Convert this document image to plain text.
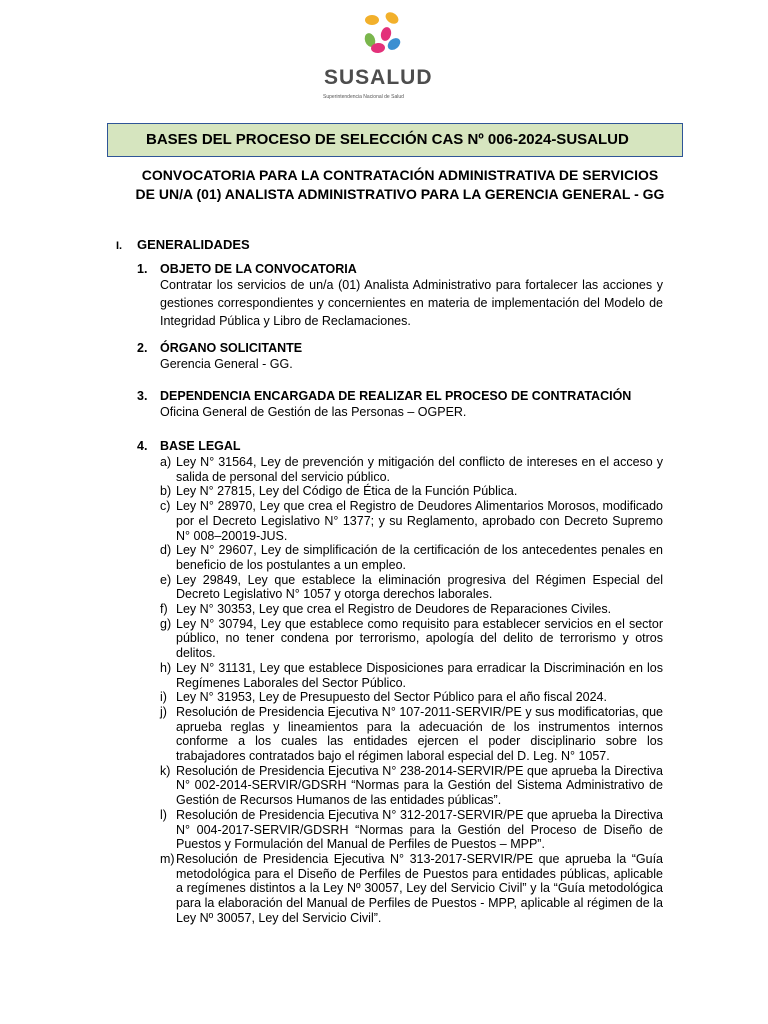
SUSALUD
Superintendencia Nacional de Salud
BASES DEL PROCESO DE SELECCIÓN CAS Nº 006-2024-SUSALUD
CONVOCATORIA PARA LA CONTRATACIÓN ADMINISTRATIVA DE SERVICIOS
DE UN/A (01) ANALISTA ADMINISTRATIVO PARA LA GERENCIA GENERAL - GG
I. GENERALIDADES
1. OBJETO DE LA CONVOCATORIA
Contratar los servicios de un/a (01) Analista Administrativo para fortalecer las acciones y gestiones correspondientes y concernientes en materia de implementación del Modelo de Integridad Pública y Libro de Reclamaciones.
2. ÓRGANO SOLICITANTE
Gerencia General - GG.
3. DEPENDENCIA ENCARGADA DE REALIZAR EL PROCESO DE CONTRATACIÓN
Oficina General de Gestión de las Personas – OGPER.
4. BASE LEGAL
a) Ley N° 31564, Ley de prevención y mitigación del conflicto de intereses en el acceso y salida de personal del servicio público.
b) Ley N° 27815, Ley del Código de Ética de la Función Pública.
c) Ley N° 28970, Ley que crea el Registro de Deudores Alimentarios Morosos, modificado por el Decreto Legislativo N° 1377; y su Reglamento, aprobado con Decreto Supremo N° 008–20019-JUS.
d) Ley N° 29607, Ley de simplificación de la certificación de los antecedentes penales en beneficio de los postulantes a un empleo.
e) Ley 29849, Ley que establece la eliminación progresiva del Régimen Especial del Decreto Legislativo N° 1057 y otorga derechos laborales.
f) Ley N° 30353, Ley que crea el Registro de Deudores de Reparaciones Civiles.
g) Ley N° 30794, Ley que establece como requisito para establecer servicios en el sector público, no tener condena por terrorismo, apología del delito de terrorismo y otros delitos.
h) Ley N° 31131, Ley que establece Disposiciones para erradicar la Discriminación en los Regímenes Laborales del Sector Público.
i) Ley N° 31953, Ley de Presupuesto del Sector Público para el año fiscal 2024.
j) Resolución de Presidencia Ejecutiva N° 107-2011-SERVIR/PE y sus modificatorias, que aprueba reglas y lineamientos para la adecuación de los instrumentos internos conforme a los cuales las entidades ejercen el poder disciplinario sobre los trabajadores contratados bajo el régimen laboral especial del D. Leg. N° 1057.
k) Resolución de Presidencia Ejecutiva N° 238-2014-SERVIR/PE que aprueba la Directiva N° 002-2014-SERVIR/GDSRH “Normas para la Gestión del Sistema Administrativo de Gestión de Recursos Humanos de las entidades públicas”.
l) Resolución de Presidencia Ejecutiva N° 312-2017-SERVIR/PE que aprueba la Directiva N° 004-2017-SERVIR/GDSRH “Normas para la Gestión del Proceso de Diseño de Puestos y Formulación del Manual de Perfiles de Puestos – MPP”.
m) Resolución de Presidencia Ejecutiva N° 313-2017-SERVIR/PE que aprueba la “Guía metodológica para el Diseño de Perfiles de Puestos para entidades públicas, aplicable a regímenes distintos a la Ley Nº 30057, Ley del Servicio Civil” y la “Guía metodológica para la elaboración del Manual de Perfiles de Puestos - MPP, aplicable al régimen de la Ley Nº 30057, Ley del Servicio Civil”.
